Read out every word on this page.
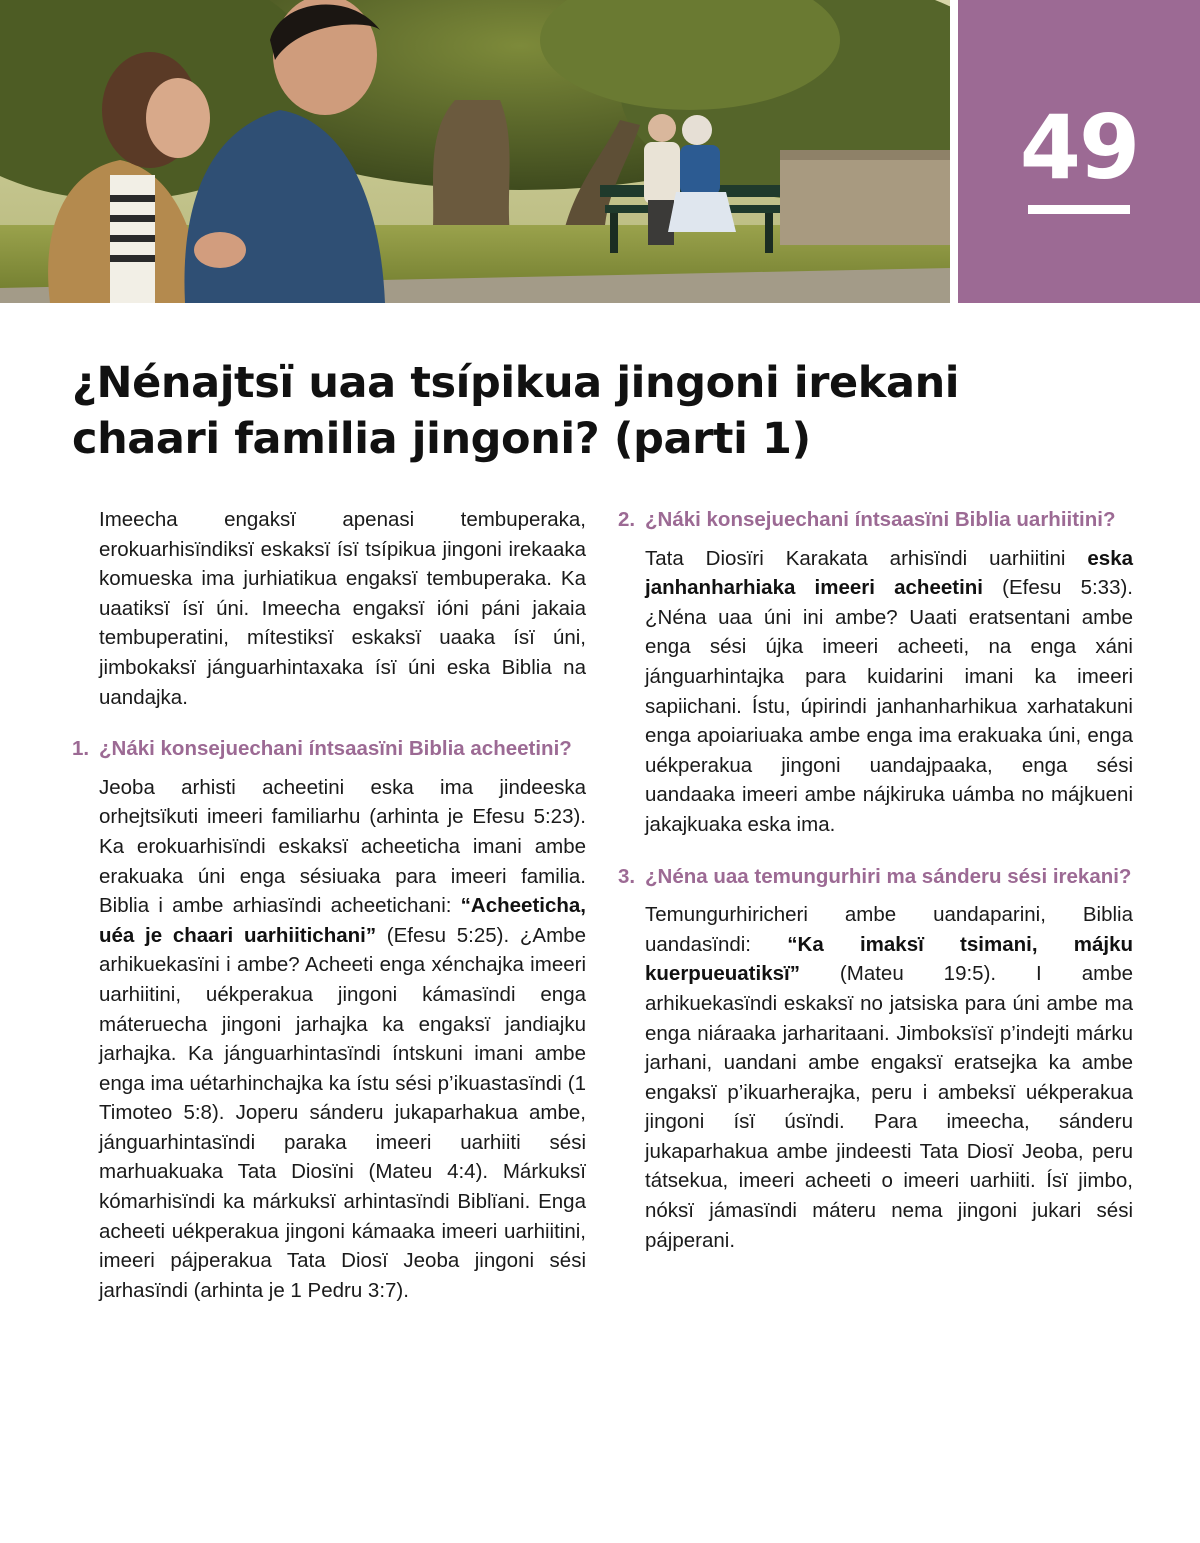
49
¿Nénajtsï uaa tsípikua jingoni irekani
chaari familia jingoni? (parti 1)

Imeecha engaksï apenasi tembuperaka, erokuarhisïndiksï eskaksï ísï tsípikua jingoni irekaaka komueska ima jurhiatikua engaksï tembuperaka. Ka uaatiksï ísï úni. Imeecha engaksï ióni páni jakaia tembuperatini, mítestiksï eskaksï uaaka ísï úni, jimbokaksï jánguarhintaxaka ísï úni eska Biblia na uandajka.

1. ¿Náki konsejuechani íntsaasïni Biblia acheetini?

Jeoba arhisti acheetini eska ima jindeeska orhejtsïkuti imeeri familiarhu (arhinta je Efesu 5:23). Ka erokuarhisïndi eskaksï acheeticha imani ambe erakuaka úni enga sésiuaka para imeeri familia. Biblia i ambe arhiasïndi acheetichani: “Acheeticha, uéa je chaari uarhiitichani” (Efesu 5:25). ¿Ambe arhikuekasïni i ambe? Acheeti enga xénchajka imeeri uarhiitini, uékperakua jingoni kámasïndi enga máteruecha jingoni jarhajka ka engaksï jandiajku jarhajka. Ka jánguarhintasïndi íntskuni imani ambe enga ima uétarhinchajka ka ístu sési p’ikuastasïndi (1 Timoteo 5:8). Joperu sánderu jukaparhakua ambe, jánguarhintasïndi paraka imeeri uarhiiti sési marhuakuaka Tata Diosïni (Mateu 4:4). Márkuksï kómarhisïndi ka márkuksï arhintasïndi Biblïani. Enga acheeti uékperakua jingoni kámaaka imeeri uarhiitini, imeeri pájperakua Tata Diosï Jeoba jingoni sési jarhasïndi (arhinta je 1 Pedru 3:7).

2. ¿Náki konsejuechani íntsaasïni Biblia uarhiitini?

Tata Diosïri Karakata arhisïndi uarhiitini eska janhanharhiaka imeeri acheetini (Efesu 5:33). ¿Néna uaa úni ini ambe? Uaati eratsentani ambe enga sési újka imeeri acheeti, na enga xáni jánguarhintajka para kuidarini imani ka imeeri sapiichani. Ístu, úpirindi janhanharhikua xarhatakuni enga apoiariuaka ambe enga ima erakuaka úni, enga uékperakua jingoni uandajpaaka, enga sési uandaaka imeeri ambe nájkiruka uámba no májkueni jakajkuaka eska ima.

3. ¿Néna uaa temungurhiri ma sánderu sési irekani?

Temungurhiricheri ambe uandaparini, Biblia uandasïndi: “Ka imaksï tsimani, májku kuerpueuatiksï” (Mateu 19:5). I ambe arhikuekasïndi eskaksï no jatsiska para úni ambe ma enga niáraaka jarharitaani. Jimboksïsï p’indejti márku jarhani, uandani ambe engaksï eratsejka ka ambe engaksï p’ikuarherajka, peru i ambeksï uékperakua jingoni ísï úsïndi. Para imeecha, sánderu jukaparhakua ambe jindeesti Tata Diosï Jeoba, peru tátsekua, imeeri acheeti o imeeri uarhiiti. Ísï jimbo, nóksï jámasïndi máteru nema jingoni jukari sési pájperani.
